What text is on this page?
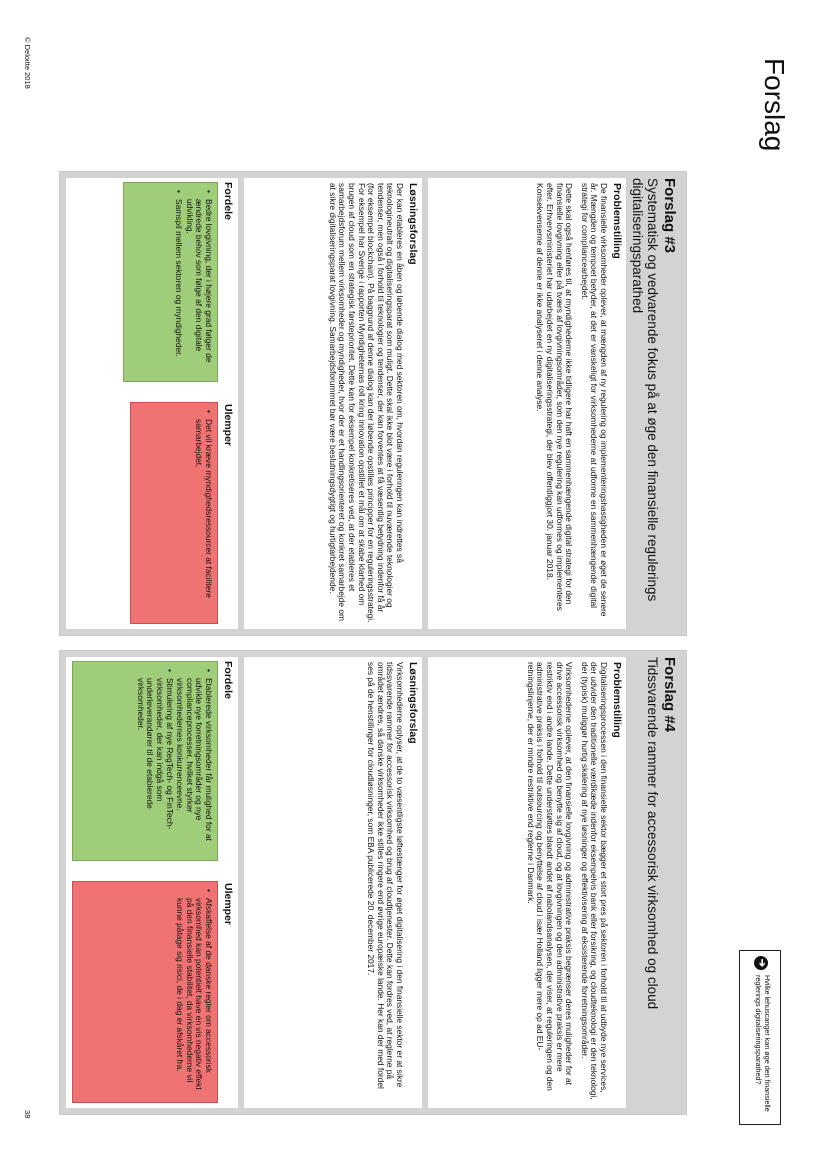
Forslag
➔
Hvilke lehuscanger kan øge den finansielle reglerings digitaliseringsparathed?
Forslag #3
Systematisk og vedvarende fokus på at øge den finansielle regulerings digitaliseringsparathed
Problemstilling

De finansielle virksomheder oplever, at mængden af ny regulering og implementeringshastigheden er øget de senere år. Mængden og tempoet betyder, at det er vanskeligt for virksomhederne at udforme en sammenhængende digital strategi for compliancearbejdet.

Dette skal også henføres til, at myndighederne ikke tidligere har haft en sammenhængende digital strategi for den finansielle lovgivning eller på tværs af lovgivningsområder, som den nye regulering kan udformes og implementeres efter. Erhvervsministeriet har udarbejdet en ny digitaliseringsstrategi, der blev offentliggjort 30. januar 2018. Konsekvenserne af denne er ikke analyseret i denne analyse.

Løsningsforslag

Der kan etableres en åben og løbende dialog med sektoren om, hvordan reguleringen kan indrettes så teknologineutralt og digitaliseringsparat som muligt. Dette skal ikke blot være i forhold til nuværende teknologier og tendenser, men også i forhold til teknologier og tendenser, der kan forventes at få væsentlig betydning indenfor få år (for eksempel blockchain). På baggrund af denne dialog kan der løbende opstilles principper for en reguleringsstrategi. For eksempel har Sverige i rapporten Myndigheternas roll kring innovation opstillet et mål om at skabe klarhed om brugen af cloud som en strategisk førsteprioritet. Dette kan for eksempel konkretiseres ved, at der etableres et samarbejdsforum mellem virksomheder og myndigheder, hvor der er et handlingsorienteret og konkret samarbejde om at sikre digitaliseringsparat lovgivning. Samarbejdsforummet bør være beslutningsdygtigt og hurtigtarbejdende.

Fordele
Ulemper
• Bedre lovgivning, der i højere grad følger de ændrede behov som følge af den digitale udvikling.
• Samspil mellem sektoren og myndigheder.
• Det vil kræve myndighedsressourcer at facilitere samarbejdet.
Forslag #4
Tidssvarende rammer for accessorisk virksomhed og cloud
Problemstilling

Digitaliseringsprocessen i den finansielle sektor bægger et stort pres på sektoren i forhold til at udbyde nye services, der udvider den traditionelle værdikæde indenfor eksempelvis bank eller forsikring, og cloudteknologi er den teknologi, der (typisk) muliggør hurtig skalering af nye løsninger og effektivisering af eksisterende forretningsområder.

Virksomhederne oplever, at den finansielle lovgivning og administrative praksis begrænser deres muligheder for at drive accessorisk virksomhed og benytte sig af cloud, og at lovgivningen og den administrative praksis er mere restriktiv end i andre lande. Dette understøttes blandt andet af nabolandsanalysen, der viser, at reguleringen og den administrative praksis i forhold til outsourcing og benyttelse af cloud i især Holland ligger mere op ad EU-retningslinjerne, der er mindre restriktive end reglerne i Danmark.

Løsningsforslag

Virksomhederne oplyser, at de to væsentligste løftestænger for øget digitalisering i den finansielle sektor er at sikre tidssvarende rammer for accessorisk virksomhed og brug af cloudtjenester. Dette kan fordres ved, at reglerne på området ændres, så danske virksomheder ikke stilles ringere end øvrige europæiske lande. Her kan der med fordel ses på de henstillinger for cloudløsninger, som EBA publicerede 20. december 2017.

Fordele
Ulemper
• Etablerede virksomheder får mulighed for at udvikle nye forretningsområder og nye complianceprocesser, hvilket styrker virksomhedernes konkurrenceevne.
• Stimulering af nye RegTech- og FinTech-virksomheder, der kan indgå som underleverandører til de etablerede virksomheder.
• Afskaffelse af de danske regler om accessorisk virksomhed kan potentielt have en vis negativ effekt på den finansielle stabilitet, da virksomhederne vil kunne påtage sig risici, de i dag er afskåret fra.
© Deloitte 2018
38
